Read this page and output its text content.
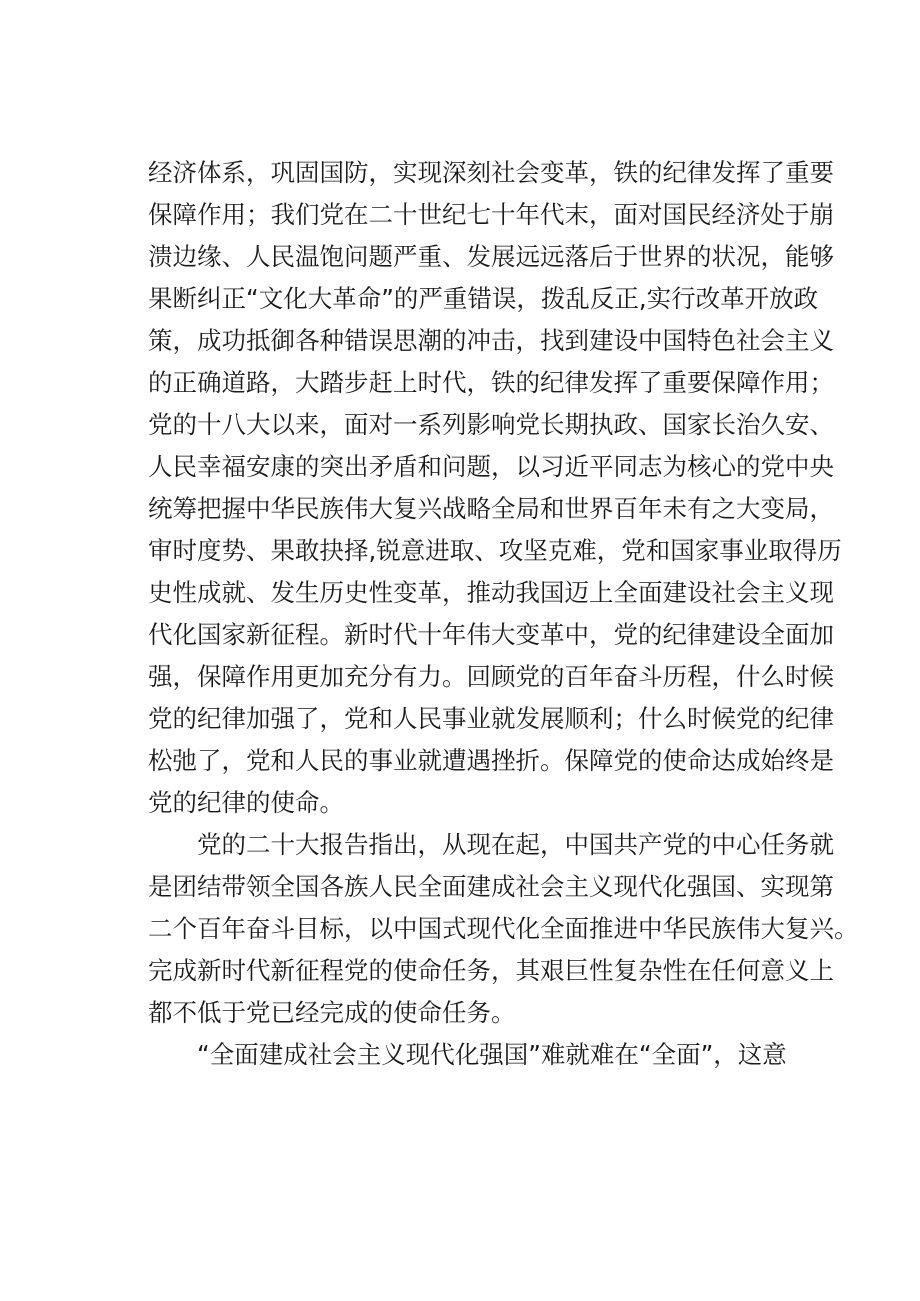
经济体系，巩固国防，实现深刻社会变革，铁的纪律发挥了重要
保障作用；我们党在二十世纪七十年代末，面对国民经济处于崩
溃边缘、人民温饱问题严重、发展远远落后于世界的状况，能够
果断纠正“文化大革命”的严重错误，拨乱反正,实行改革开放政
策，成功抵御各种错误思潮的冲击，找到建设中国特色社会主义
的正确道路，大踏步赶上时代，铁的纪律发挥了重要保障作用；
党的十八大以来，面对一系列影响党长期执政、国家长治久安、
人民幸福安康的突出矛盾和问题，以习近平同志为核心的党中央
统筹把握中华民族伟大复兴战略全局和世界百年未有之大变局，
审时度势、果敢抉择,锐意进取、攻坚克难，党和国家事业取得历
史性成就、发生历史性变革，推动我国迈上全面建设社会主义现
代化国家新征程。新时代十年伟大变革中，党的纪律建设全面加
强，保障作用更加充分有力。回顾党的百年奋斗历程，什么时候
党的纪律加强了，党和人民事业就发展顺利；什么时候党的纪律
松弛了，党和人民的事业就遭遇挫折。保障党的使命达成始终是
党的纪律的使命。

　　党的二十大报告指出，从现在起，中国共产党的中心任务就
是团结带领全国各族人民全面建成社会主义现代化强国、实现第
二个百年奋斗目标，以中国式现代化全面推进中华民族伟大复兴。
完成新时代新征程党的使命任务，其艰巨性复杂性在任何意义上
都不低于党已经完成的使命任务。

　　“全面建成社会主义现代化强国”难就难在“全面”，这意
